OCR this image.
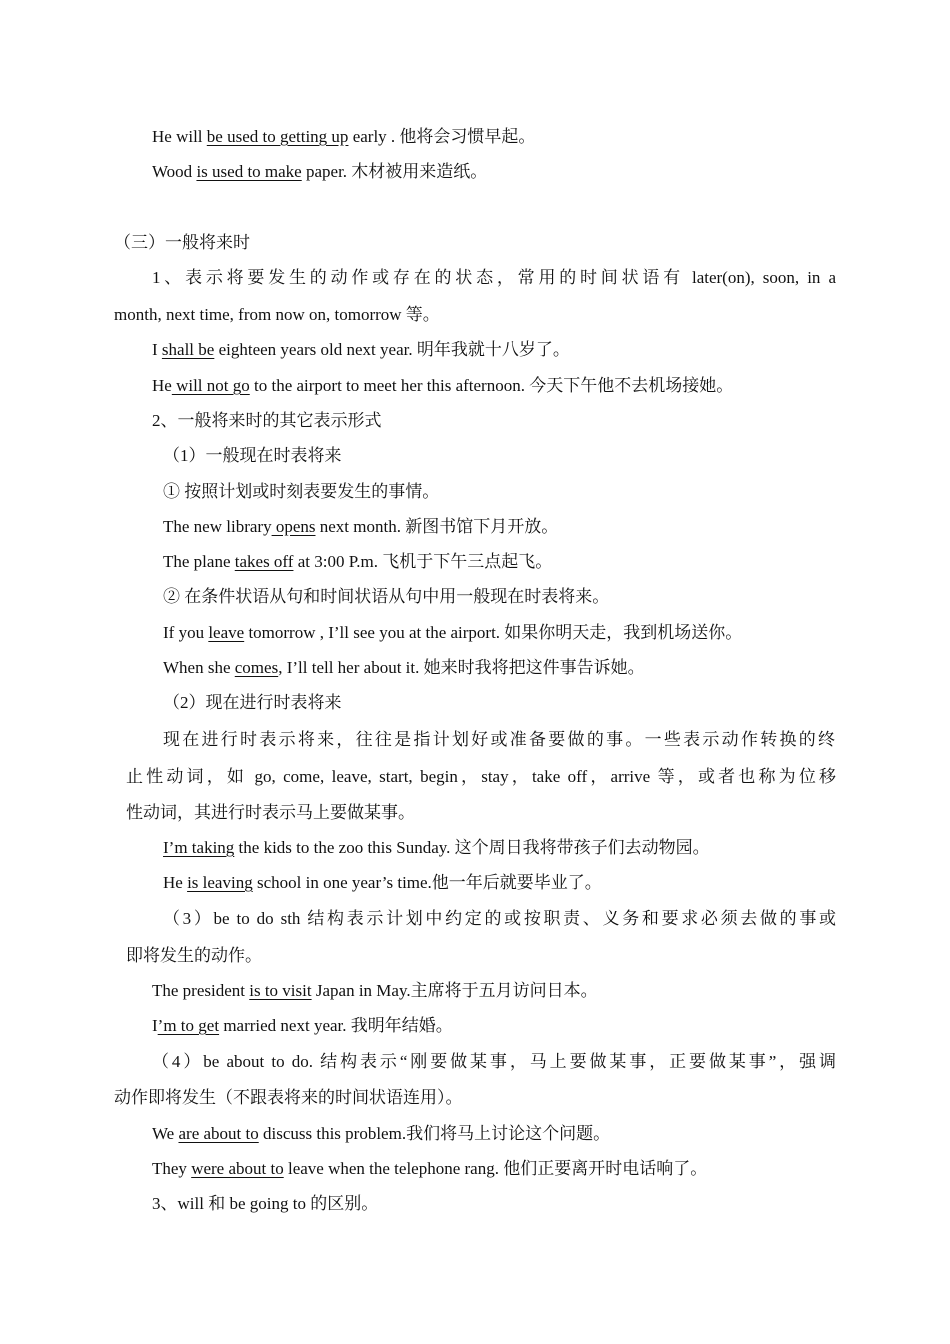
He will be used to getting up early . 他将会习惯早起。
Wood is used to make paper. 木材被用来造纸。
（三）一般将来时
1、表示将要发生的动作或存在的状态，常用的时间状语有 later(on), soon, in a
month, next time, from now on, tomorrow 等。
I shall be eighteen years old next year. 明年我就十八岁了。
He will not go to the airport to meet her this afternoon. 今天下午他不去机场接她。
2、一般将来时的其它表示形式
（1）一般现在时表将来
① 按照计划或时刻表要发生的事情。
The new library opens next month. 新图书馆下月开放。
The plane takes off at 3:00 P.m. 飞机于下午三点起飞。
② 在条件状语从句和时间状语从句中用一般现在时表将来。
If you leave tomorrow , I’ll see you at the airport. 如果你明天走，我到机场送你。
When she comes, I’ll tell her about it. 她来时我将把这件事告诉她。
（2）现在进行时表将来
现在进行时表示将来，往往是指计划好或准备要做的事。一些表示动作转换的终
止性动词，如 go, come, leave, start, begin，stay，take off，arrive 等，或者也称为位移
性动词，其进行时表示马上要做某事。
I’m taking the kids to the zoo this Sunday. 这个周日我将带孩子们去动物园。
He is leaving school in one year’s time.他一年后就要毕业了。
（3）be to do sth 结构表示计划中约定的或按职责、义务和要求必须去做的事或
即将发生的动作。
The president is to visit Japan in May.主席将于五月访问日本。
I’m to get married next year. 我明年结婚。
（4）be about to do. 结构表示“刚要做某事，马上要做某事，正要做某事”，强调
动作即将发生（不跟表将来的时间状语连用）。
We are about to discuss this problem.我们将马上讨论这个问题。
They were about to leave when the telephone rang. 他们正要离开时电话响了。
3、will 和 be going to 的区别。
